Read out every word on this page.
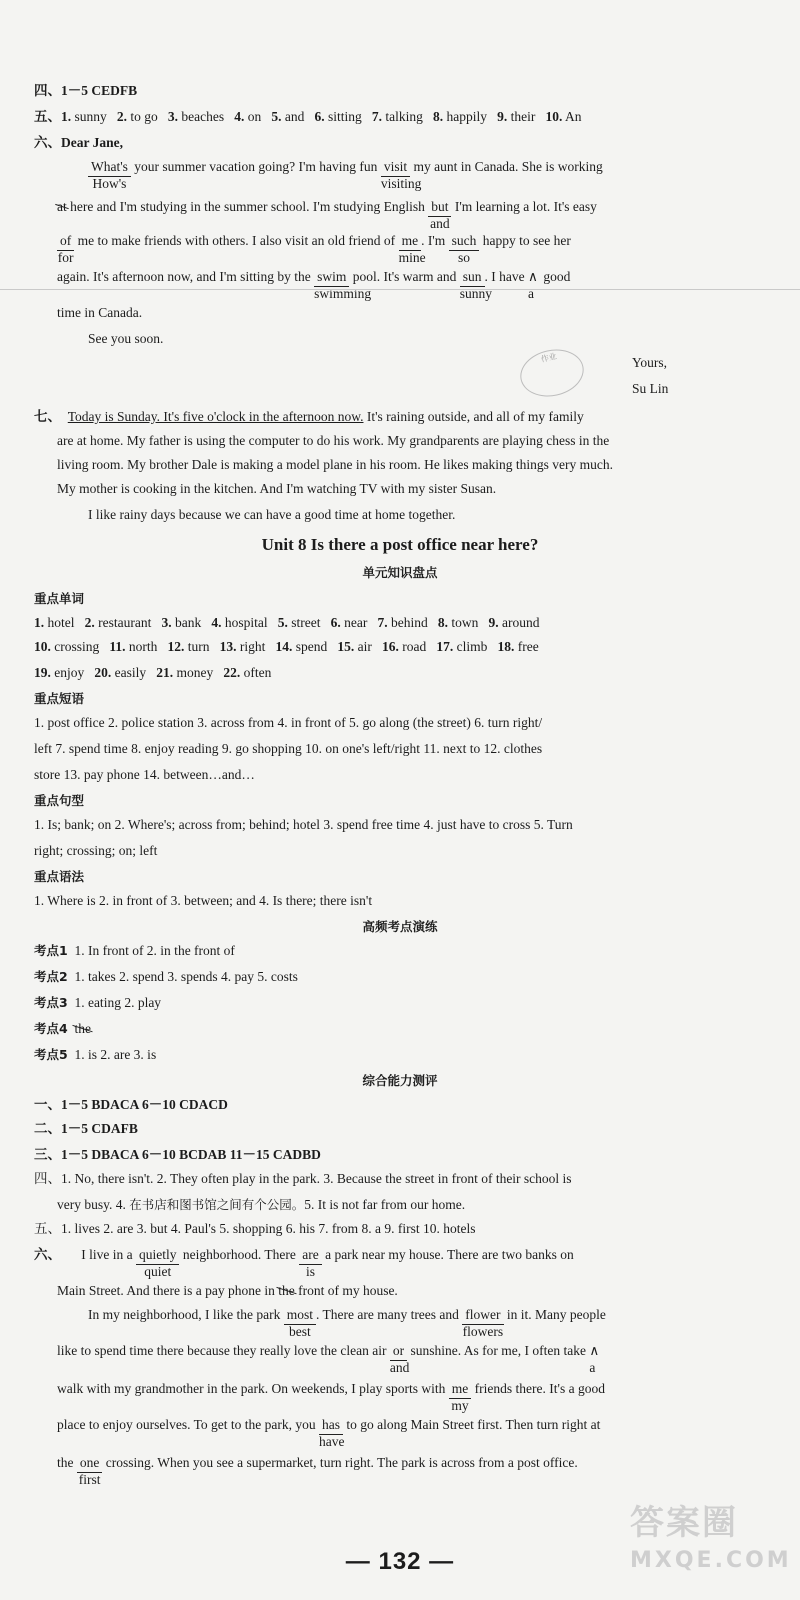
四、1－5 CEDFB
五、1. sunny 2. to go 3. beaches 4. on 5. and 6. sitting 7. talking 8. happily 9. their 10. An
六、Dear Jane,
What's
How's
your summer vacation going? I'm having fun visit
visiting
my aunt in Canada. She is working
at here and I'm studying in the summer school. I'm studying English but
and
I'm learning a lot. It's easy
of
for
me to make friends with others. I also visit an old friend of me
mine
. I'm such
so
happy to see her
again. It's afternoon now, and I'm sitting by the swim
swimming
pool. It's warm and sun
sunny
. I have ∧
a
good
time in Canada.
See you soon.
Yours,
Su Lin
作业
七、 Today is Sunday. It's five o'clock in the afternoon now. It's raining outside, and all of my family
are at home. My father is using the computer to do his work. My grandparents are playing chess in the
living room. My brother Dale is making a model plane in his room. He likes making things very much.
My mother is cooking in the kitchen. And I'm watching TV with my sister Susan.
I like rainy days because we can have a good time at home together.
Unit 8 Is there a post office near here?
单元知识盘点
重点单词
1. hotel 2. restaurant 3. bank 4. hospital 5. street 6. near 7. behind 8. town 9. around
10. crossing 11. north 12. turn 13. right 14. spend 15. air 16. road 17. climb 18. free
19. enjoy 20. easily 21. money 22. often
重点短语
1. post office 2. police station 3. across from 4. in front of 5. go along (the street) 6. turn right/
left 7. spend time 8. enjoy reading 9. go shopping 10. on one's left/right 11. next to 12. clothes
store 13. pay phone 14. between…and…
重点句型
1. Is; bank; on 2. Where's; across from; behind; hotel 3. spend free time 4. just have to cross 5. Turn
right; crossing; on; left
重点语法
1. Where is 2. in front of 3. between; and 4. Is there; there isn't
高频考点演练
考点1 1. In front of 2. in the front of
考点2 1. takes 2. spend 3. spends 4. pay 5. costs
考点3 1. eating 2. play
考点4 the
考点5 1. is 2. are 3. is
综合能力测评
一、1－5 BDACA 6－10 CDACD
二、1－5 CDAFB
三、1－5 DBACA 6－10 BCDAB 11－15 CADBD
四、1. No, there isn't. 2. They often play in the park. 3. Because the street in front of their school is
very busy. 4. 在书店和图书馆之间有个公园。5. It is not far from our home.
五、1. lives 2. are 3. but 4. Paul's 5. shopping 6. his 7. from 8. a 9. first 10. hotels
六、 I live in a quietly
quiet
neighborhood. There are
is
a park near my house. There are two banks on
Main Street. And there is a pay phone in the front of my house.
In my neighborhood, I like the park most
best
. There are many trees and flower
flowers
in it. Many people
like to spend time there because they really love the clean air or
and
sunshine. As for me, I often take ∧
a
walk with my grandmother in the park. On weekends, I play sports with me
my
friends there. It's a good
place to enjoy ourselves. To get to the park, you has
have
to go along Main Street first. Then turn right at
the one
first
crossing. When you see a supermarket, turn right. The park is across from a post office.
— 132 —
答案圈
MXQE.COM
